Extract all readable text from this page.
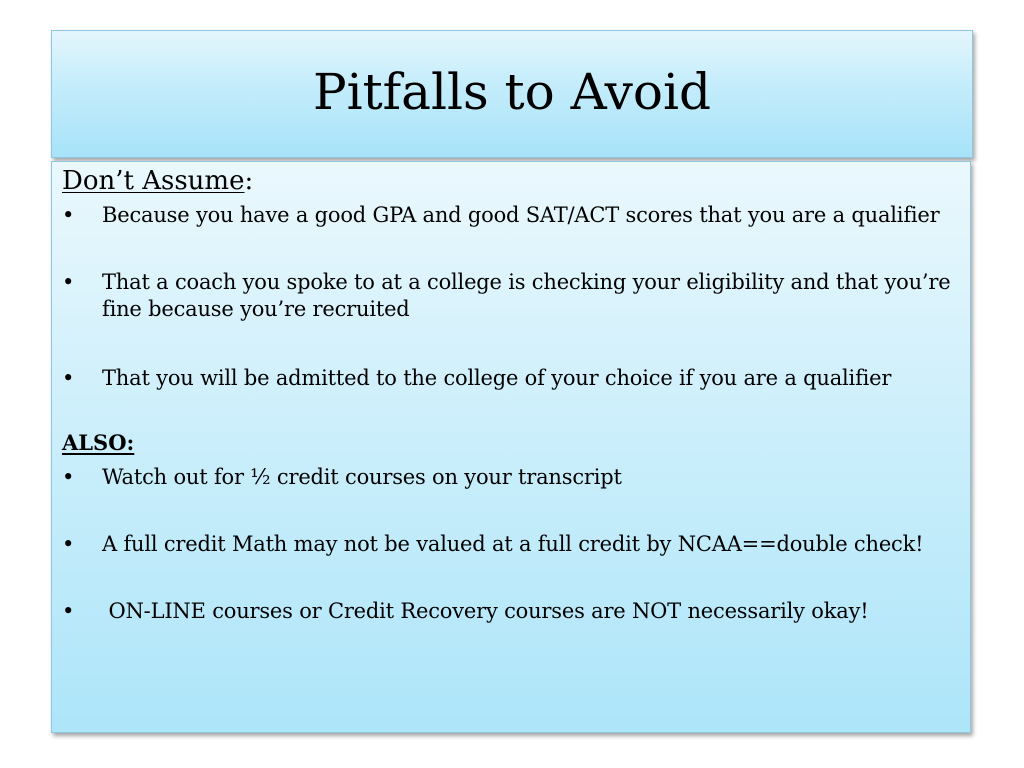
Pitfalls to Avoid
Don’t Assume:
•	Because you have a good GPA and good SAT/ACT scores that you are a qualifier
•	That a coach you spoke to at a college is checking your eligibility and that you’re fine because you’re recruited
•	That you will be admitted to the college of your choice if you are a qualifier
ALSO:
•	Watch out for ½ credit courses on your transcript
•	A full credit Math may not be valued at a full credit by NCAA==double check!
•	ON-LINE courses or Credit Recovery courses are NOT necessarily okay!
